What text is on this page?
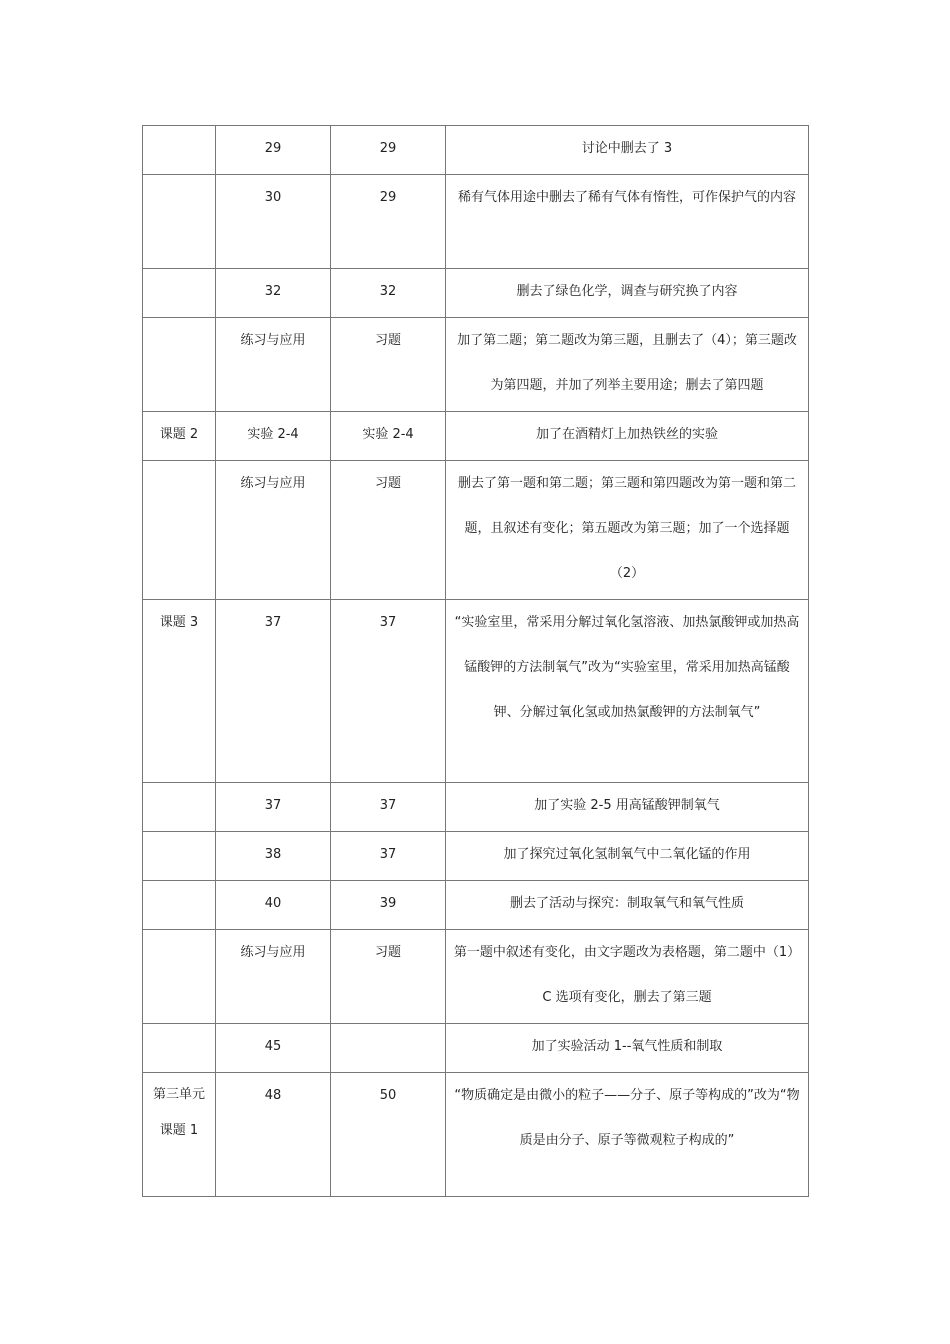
	29	29	讨论中删去了 3
	30	29	稀有气体用途中删去了稀有气体有惰性，可作保护气的内容
	32	32	删去了绿色化学，调查与研究换了内容
	练习与应用	习题	加了第二题；第二题改为第三题，且删去了（4）；第三题改为第四题，并加了列举主要用途；删去了第四题
课题 2	实验 2-4	实验 2-4	加了在酒精灯上加热铁丝的实验
	练习与应用	习题	删去了第一题和第二题；第三题和第四题改为第一题和第二题，且叙述有变化；第五题改为第三题；加了一个选择题（2）
课题 3	37	37	“实验室里，常采用分解过氧化氢溶液、加热氯酸钾或加热高锰酸钾的方法制氧气”改为“实验室里，常采用加热高锰酸钾、分解过氧化氢或加热氯酸钾的方法制氧气”
	37	37	加了实验 2-5 用高锰酸钾制氧气
	38	37	加了探究过氧化氢制氧气中二氧化锰的作用
	40	39	删去了活动与探究：制取氧气和氧气性质
	练习与应用	习题	第一题中叙述有变化，由文字题改为表格题，第二题中（1）C 选项有变化，删去了第三题
	45		加了实验活动 1--氧气性质和制取
第三单元课题 1	48	50	“物质确定是由微小的粒子——分子、原子等构成的”改为“物质是由分子、原子等微观粒子构成的”
